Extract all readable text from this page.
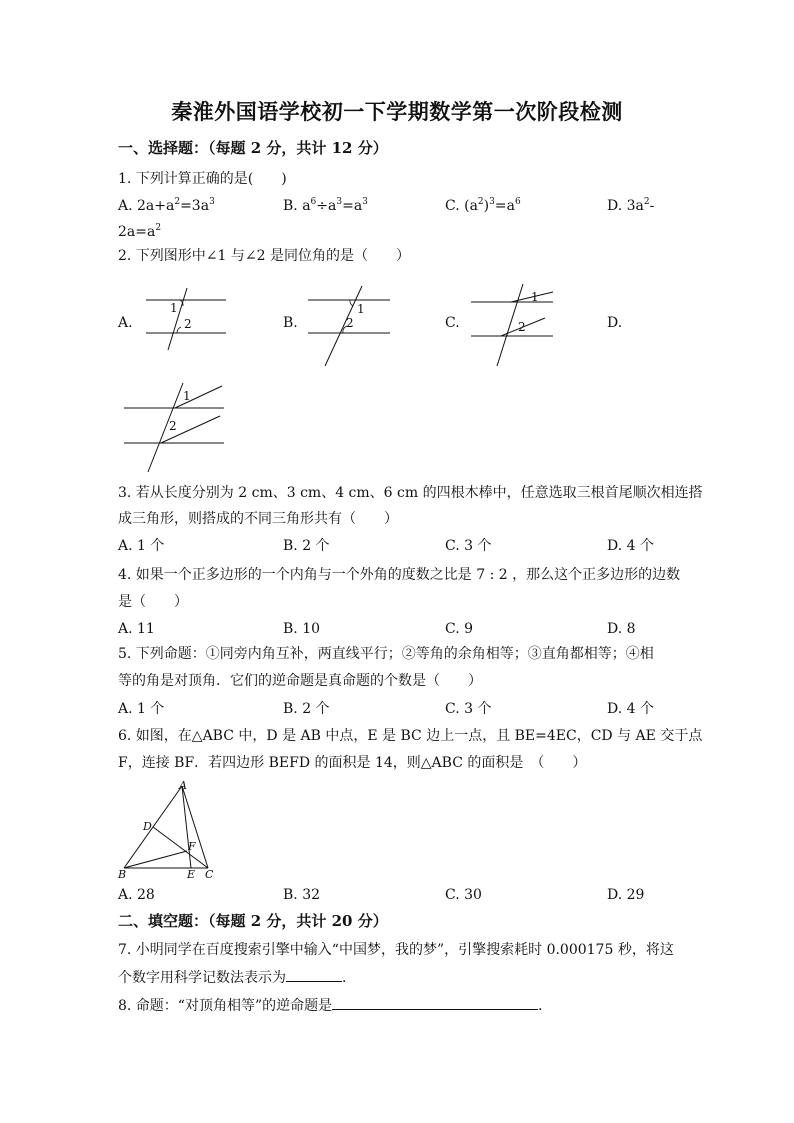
秦淮外国语学校初一下学期数学第一次阶段检测
一、选择题：（每题 2 分，共计 12 分）
1. 下列计算正确的是(　　)
A. $2a+a^2=3a^3$	B. $a^6\div a^3=a^3$	C. $(a^2)^3=a^6$	D. $3a^2-$
$2a=a^2$
2. 下列图形中∠1 与∠2 是同位角的是（　　）
A.
1
2	B.
1
2	C.
1
2	D.
1
2
3. 若从长度分别为 2 cm、3 cm、4 cm、6 cm 的四根木棒中，任意选取三根首尾顺次相连搭
成三角形，则搭成的不同三角形共有（　　）
A. 1 个	B. 2 个	C. 3 个	D. 4 个
4. 如果一个正多边形的一个内角与一个外角的度数之比是 7 : 2 ，那么这个正多边形的边数
是（　　）
A. 11	B. 10	C. 9	D. 8
5. 下列命题：①同旁内角互补，两直线平行；②等角的余角相等；③直角都相等；④相
等的角是对顶角．它们的逆命题是真命题的个数是（　　）
A. 1 个	B. 2 个	C. 3 个	D. 4 个
6. 如图，在△ABC 中，D 是 AB 中点，E 是 BC 边上一点，且 BE=4EC，CD 与 AE 交于点
F，连接 BF．若四边形 BEFD 的面积是 14，则△ABC 的面积是　（　　）
A
B	C
D
E
F
A. 28	B. 32	C. 30	D. 29
二、填空题：（每题 2 分，共计 20 分）
7. 小明同学在百度搜索引擎中输入“中国梦，我的梦”，引擎搜索耗时 0.000175 秒，将这
个数字用科学记数法表示为	．
8. 命题：“对顶角相等”的逆命题是	．
